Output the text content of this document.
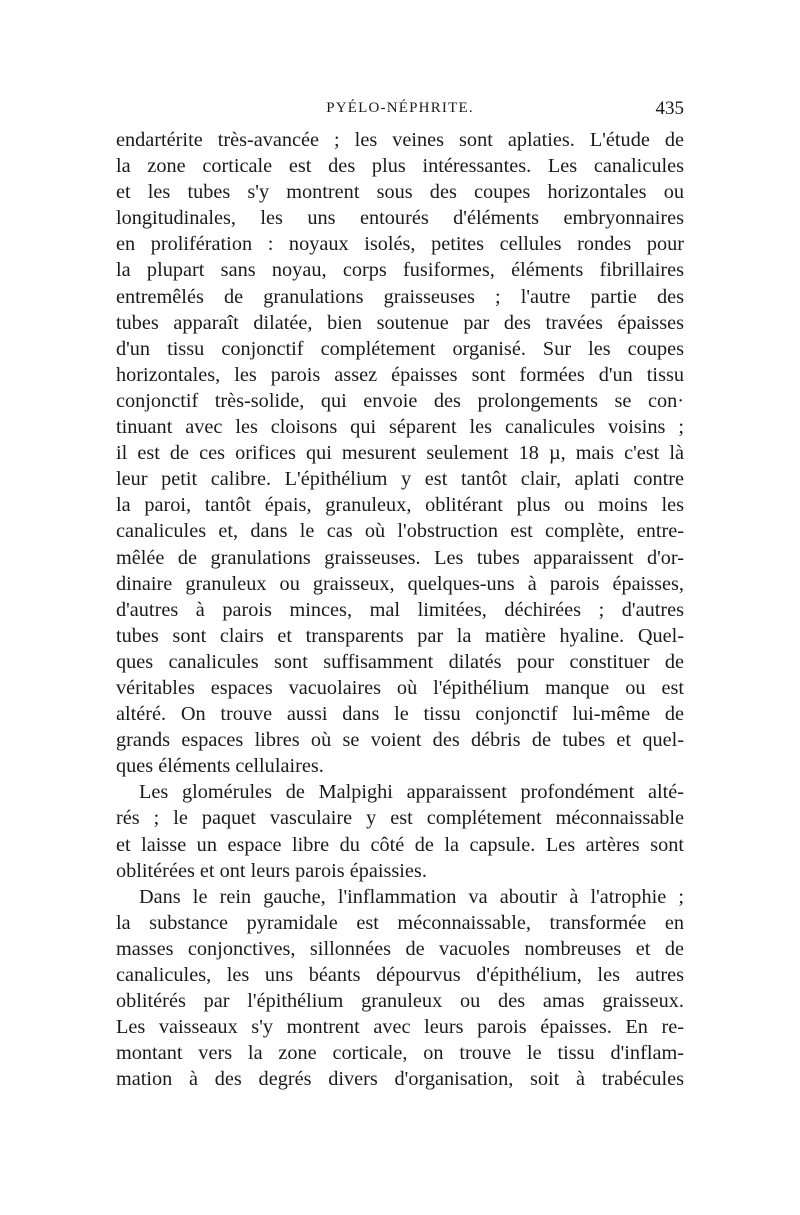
PYÉLO-NÉPHRITE.	435
endartérite très-avancée ; les veines sont aplaties. L'étude de
la zone corticale est des plus intéressantes. Les canalicules
et les tubes s'y montrent sous des coupes horizontales ou
longitudinales, les uns entourés d'éléments embryonnaires
en prolifération : noyaux isolés, petites cellules rondes pour
la plupart sans noyau, corps fusiformes, éléments fibrillaires
entremêlés de granulations graisseuses ; l'autre partie des
tubes apparaît dilatée, bien soutenue par des travées épaisses
d'un tissu conjonctif complétement organisé. Sur les coupes
horizontales, les parois assez épaisses sont formées d'un tissu
conjonctif très-solide, qui envoie des prolongements se con·
tinuant avec les cloisons qui séparent les canalicules voisins ;
il est de ces orifices qui mesurent seulement 18 µ, mais c'est là
leur petit calibre. L'épithélium y est tantôt clair, aplati contre
la paroi, tantôt épais, granuleux, oblitérant plus ou moins les
canalicules et, dans le cas où l'obstruction est complète, entre-
mêlée de granulations graisseuses. Les tubes apparaissent d'or-
dinaire granuleux ou graisseux, quelques-uns à parois épaisses,
d'autres à parois minces, mal limitées, déchirées ; d'autres
tubes sont clairs et transparents par la matière hyaline. Quel-
ques canalicules sont suffisamment dilatés pour constituer de
véritables espaces vacuolaires où l'épithélium manque ou est
altéré. On trouve aussi dans le tissu conjonctif lui-même de
grands espaces libres où se voient des débris de tubes et quel-
ques éléments cellulaires.
Les glomérules de Malpighi apparaissent profondément alté-
rés ; le paquet vasculaire y est complétement méconnaissable
et laisse un espace libre du côté de la capsule. Les artères sont
oblitérées et ont leurs parois épaissies.
Dans le rein gauche, l'inflammation va aboutir à l'atrophie ;
la substance pyramidale est méconnaissable, transformée en
masses conjonctives, sillonnées de vacuoles nombreuses et de
canalicules, les uns béants dépourvus d'épithélium, les autres
oblitérés par l'épithélium granuleux ou des amas graisseux.
Les vaisseaux s'y montrent avec leurs parois épaisses. En re-
montant vers la zone corticale, on trouve le tissu d'inflam-
mation à des degrés divers d'organisation, soit à trabécules
